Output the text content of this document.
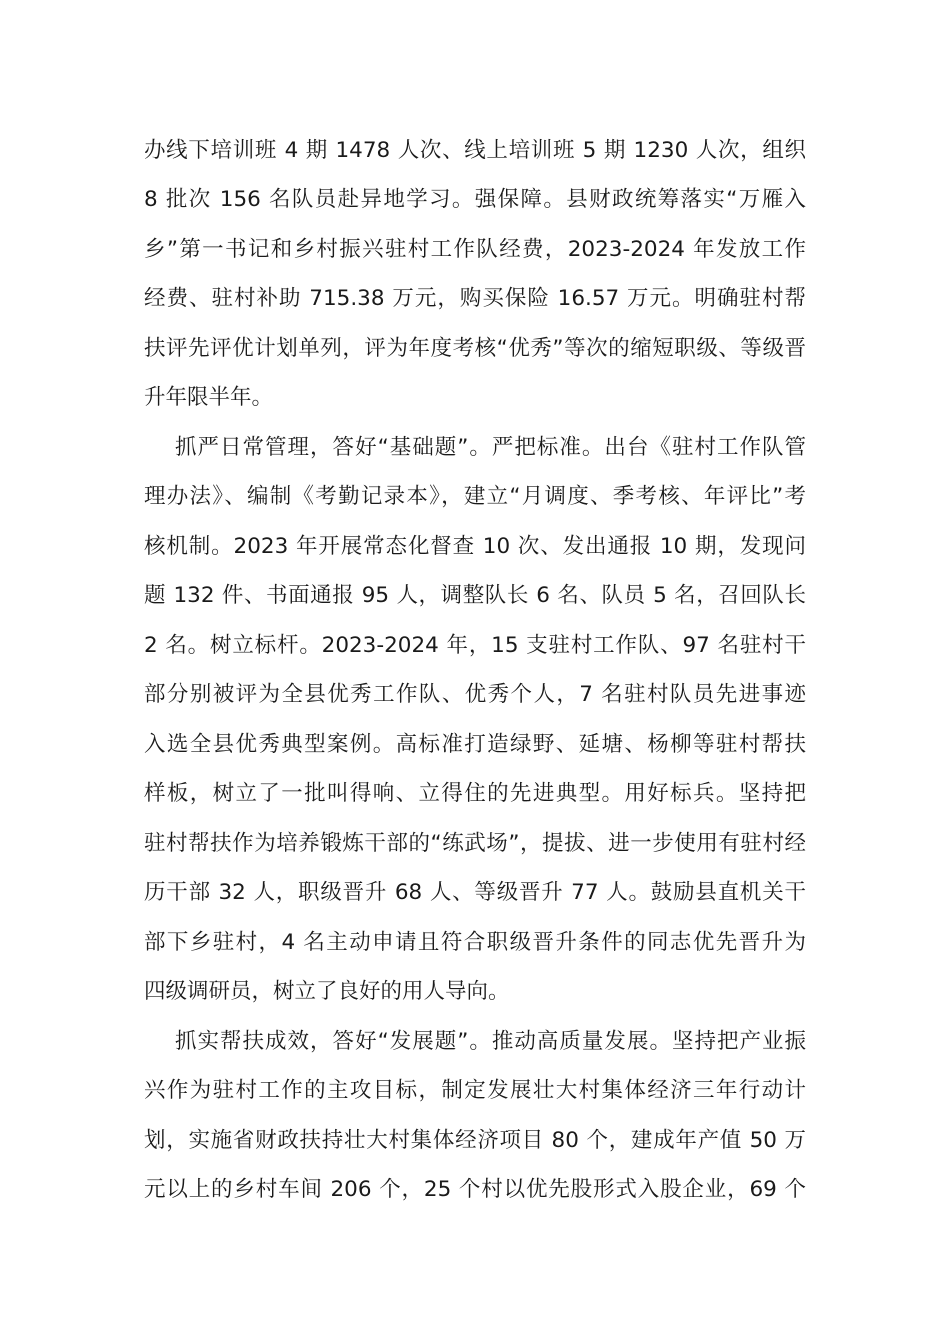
办线下培训班 4 期 1478 人次、线上培训班 5 期 1230 人次，组织
8 批次 156 名队员赴异地学习。强保障。县财政统筹落实“万雁入
乡”第一书记和乡村振兴驻村工作队经费，2023-2024 年发放工作
经费、驻村补助 715.38 万元，购买保险 16.57 万元。明确驻村帮
扶评先评优计划单列，评为年度考核“优秀”等次的缩短职级、等级晋
升年限半年。
抓严日常管理，答好“基础题”。严把标准。出台《驻村工作队管
理办法》、编制《考勤记录本》，建立“月调度、季考核、年评比”考
核机制。2023 年开展常态化督查 10 次、发出通报 10 期，发现问
题 132 件、书面通报 95 人，调整队长 6 名、队员 5 名，召回队长
2 名。树立标杆。2023-2024 年，15 支驻村工作队、97 名驻村干
部分别被评为全县优秀工作队、优秀个人，7 名驻村队员先进事迹
入选全县优秀典型案例。高标准打造绿野、延塘、杨柳等驻村帮扶
样板，树立了一批叫得响、立得住的先进典型。用好标兵。坚持把
驻村帮扶作为培养锻炼干部的“练武场”，提拔、进一步使用有驻村经
历干部 32 人，职级晋升 68 人、等级晋升 77 人。鼓励县直机关干
部下乡驻村，4 名主动申请且符合职级晋升条件的同志优先晋升为
四级调研员，树立了良好的用人导向。
抓实帮扶成效，答好“发展题”。推动高质量发展。坚持把产业振
兴作为驻村工作的主攻目标，制定发展壮大村集体经济三年行动计
划，实施省财政扶持壮大村集体经济项目 80 个，建成年产值 50 万
元以上的乡村车间 206 个，25 个村以优先股形式入股企业，69 个
